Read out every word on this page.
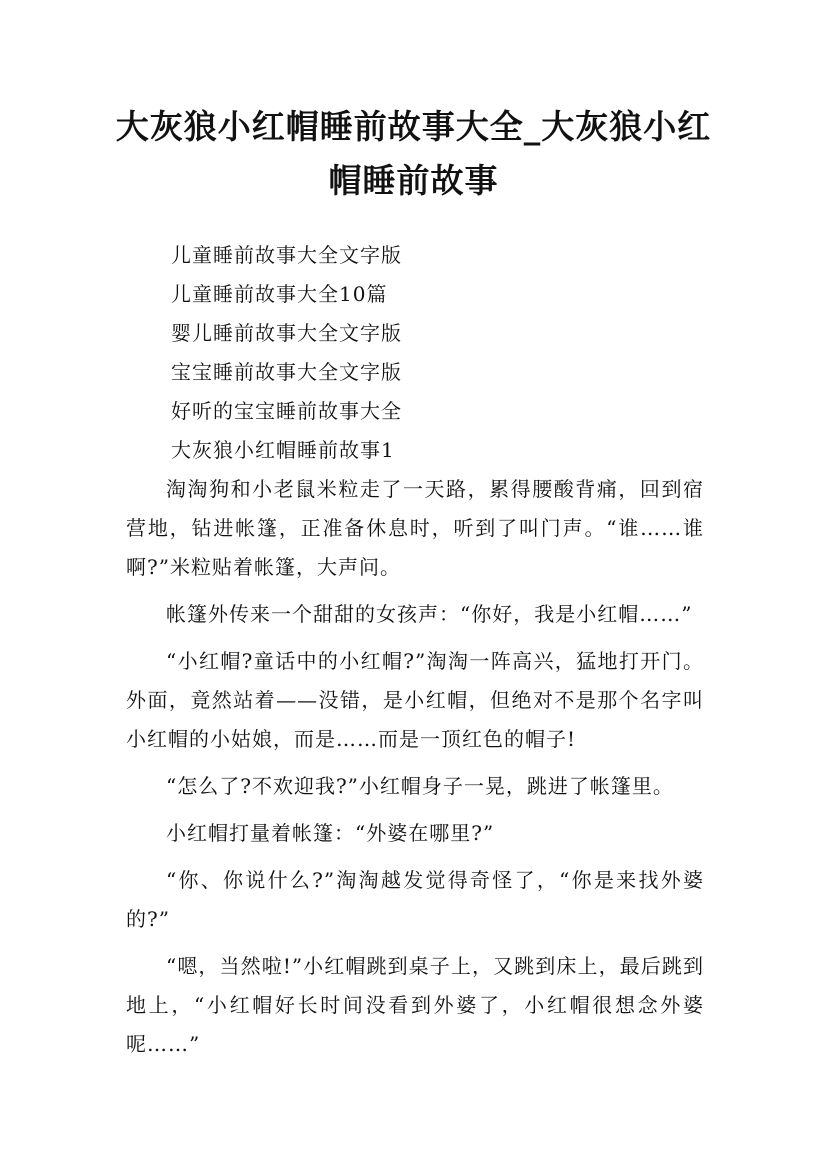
大灰狼小红帽睡前故事大全_大灰狼小红帽睡前故事
儿童睡前故事大全文字版
儿童睡前故事大全10篇
婴儿睡前故事大全文字版
宝宝睡前故事大全文字版
好听的宝宝睡前故事大全
大灰狼小红帽睡前故事1

淘淘狗和小老鼠米粒走了一天路，累得腰酸背痛，回到宿营地，钻进帐篷，正准备休息时，听到了叫门声。“谁……谁啊?”米粒贴着帐篷，大声问。

帐篷外传来一个甜甜的女孩声：“你好，我是小红帽……”

“小红帽?童话中的小红帽?”淘淘一阵高兴，猛地打开门。外面，竟然站着——没错，是小红帽，但绝对不是那个名字叫小红帽的小姑娘，而是……而是一顶红色的帽子!

“怎么了?不欢迎我?”小红帽身子一晃，跳进了帐篷里。

小红帽打量着帐篷：“外婆在哪里?”

“你、你说什么?”淘淘越发觉得奇怪了，“你是来找外婆的?”

“嗯，当然啦!”小红帽跳到桌子上，又跳到床上，最后跳到地上，“小红帽好长时间没看到外婆了，小红帽很想念外婆呢……”
